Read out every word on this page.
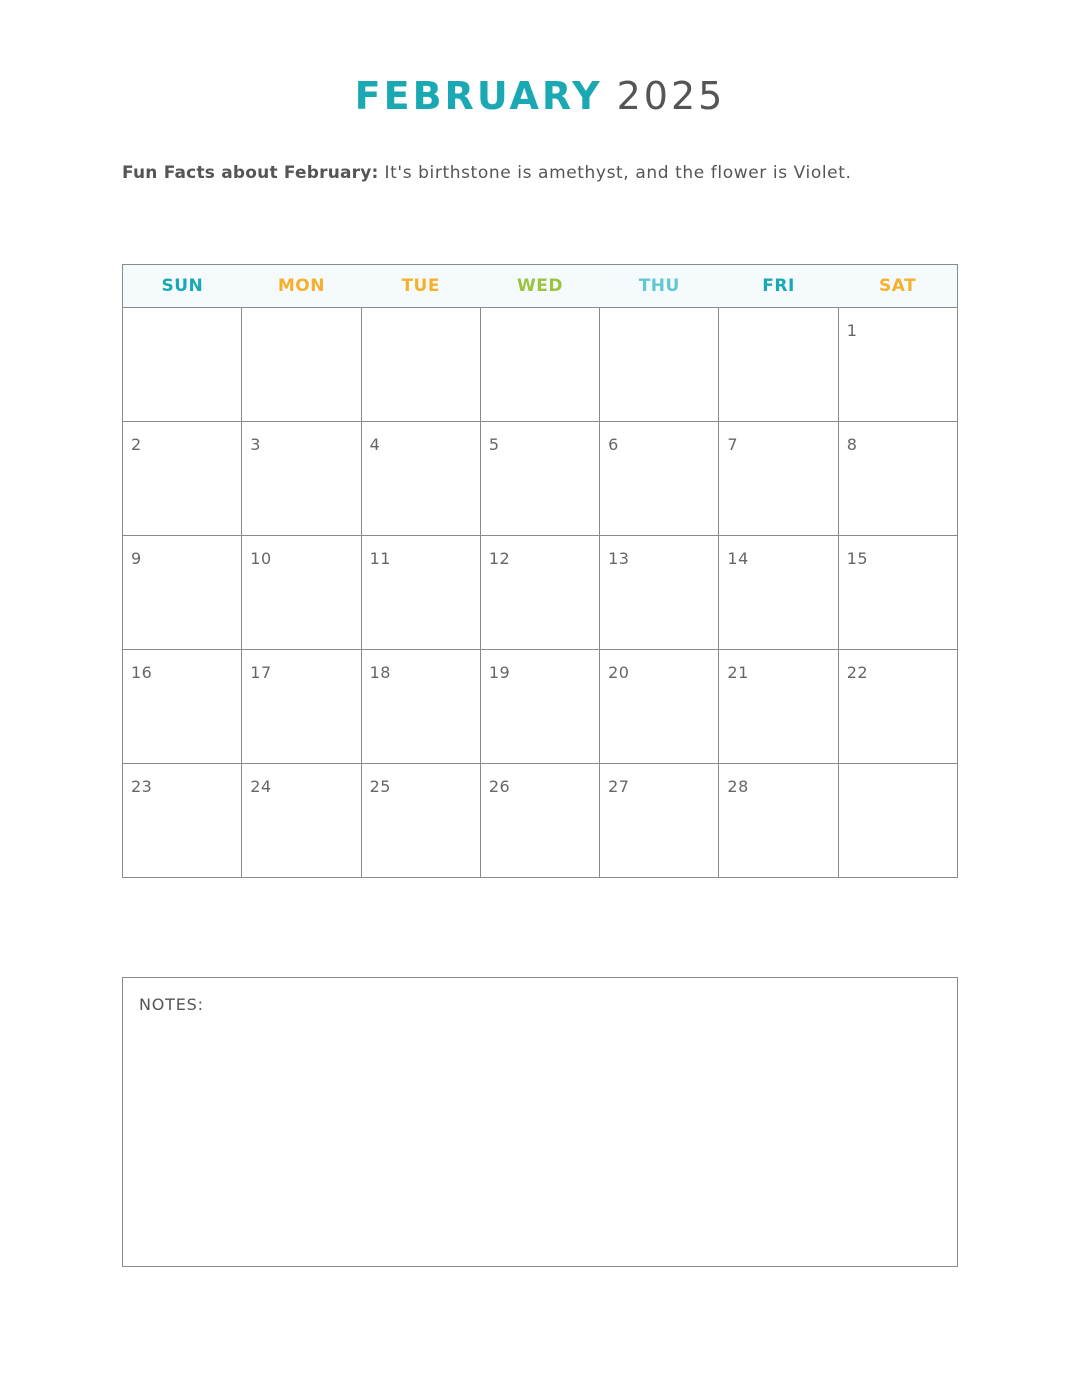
FEBRUARY 2025
Fun Facts about February: It's birthstone is amethyst, and the flower is Violet.
SUN	MON	TUE	WED	THU	FRI	SAT

						1

2	3	4	5	6	7	8

9	10	11	12	13	14	15

16	17	18	19	20	21	22

23	24	25	26	27	28	

NOTES:
